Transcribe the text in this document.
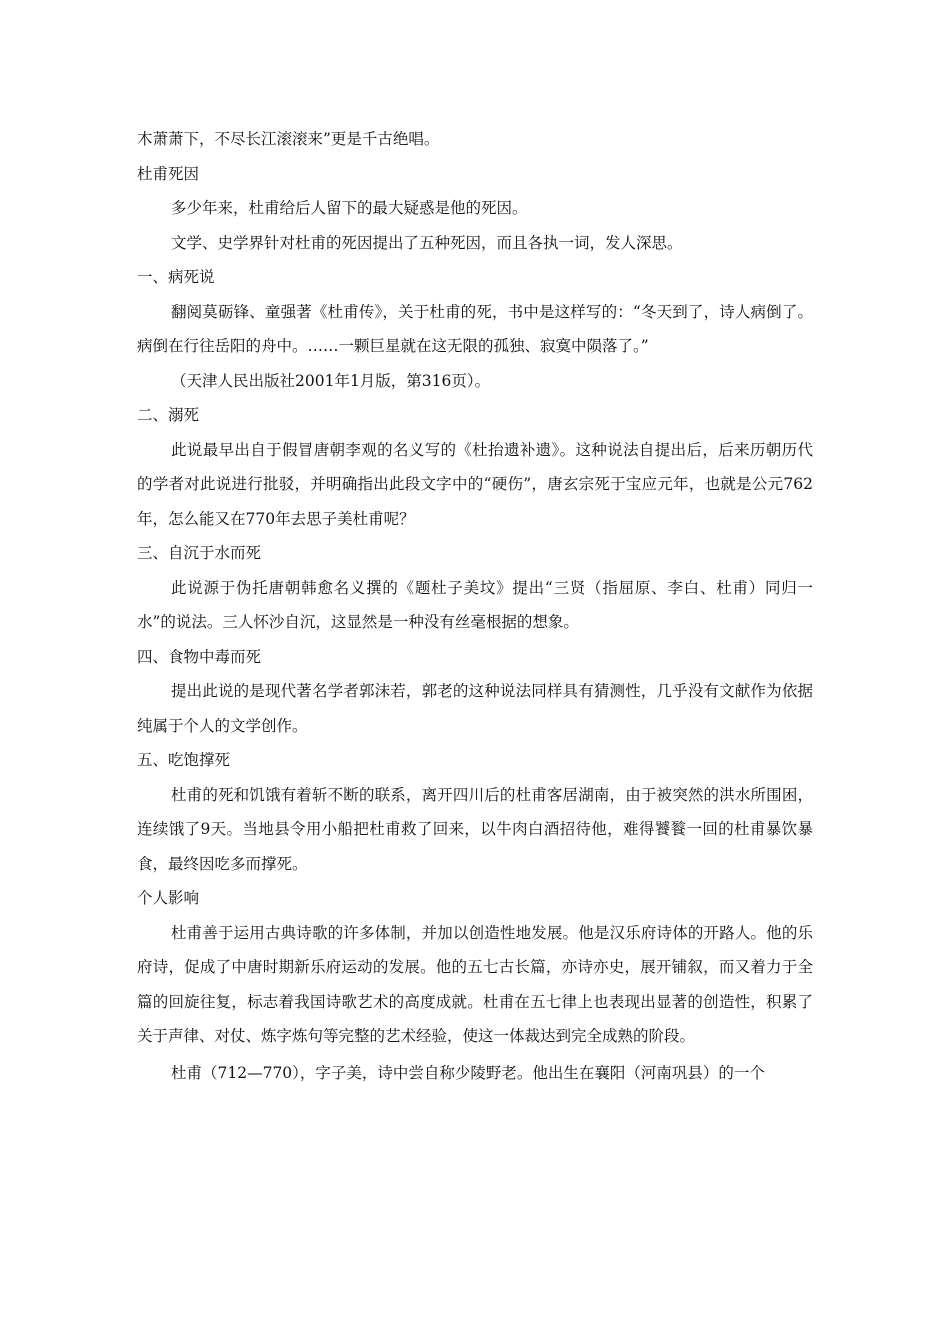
木萧萧下，不尽长江滚滚来”更是千古绝唱。

杜甫死因

多少年来，杜甫给后人留下的最大疑惑是他的死因。

文学、史学界针对杜甫的死因提出了五种死因，而且各执一词，发人深思。

一、病死说

翻阅莫砺锋、童强著《杜甫传》，关于杜甫的死，书中是这样写的：“冬天到了，诗人病倒了。病倒在行往岳阳的舟中。……一颗巨星就在这无限的孤独、寂寞中陨落了。”

（天津人民出版社2001年1月版，第316页）。

二、溺死

此说最早出自于假冒唐朝李观的名义写的《杜抬遗补遗》。这种说法自提出后，后来历朝历代的学者对此说进行批驳，并明确指出此段文字中的“硬伤”，唐玄宗死于宝应元年，也就是公元762年，怎么能又在770年去思子美杜甫呢？

三、自沉于水而死

此说源于伪托唐朝韩愈名义撰的《题杜子美坟》提出“三贤（指屈原、李白、杜甫）同归一水”的说法。三人怀沙自沉，这显然是一种没有丝毫根据的想象。

四、食物中毒而死

提出此说的是现代著名学者郭沫若，郭老的这种说法同样具有猜测性，几乎没有文献作为依据纯属于个人的文学创作。

五、吃饱撑死

杜甫的死和饥饿有着斩不断的联系，离开四川后的杜甫客居湖南，由于被突然的洪水所围困，连续饿了9天。当地县令用小船把杜甫救了回来，以牛肉白酒招待他，难得饕餮一回的杜甫暴饮暴食，最终因吃多而撑死。

个人影响

杜甫善于运用古典诗歌的许多体制，并加以创造性地发展。他是汉乐府诗体的开路人。他的乐府诗，促成了中唐时期新乐府运动的发展。他的五七古长篇，亦诗亦史，展开铺叙，而又着力于全篇的回旋往复，标志着我国诗歌艺术的高度成就。杜甫在五七律上也表现出显著的创造性，积累了关于声律、对仗、炼字炼句等完整的艺术经验，使这一体裁达到完全成熟的阶段。

杜甫（712—770），字子美，诗中尝自称少陵野老。他出生在襄阳（河南巩县）的一个
